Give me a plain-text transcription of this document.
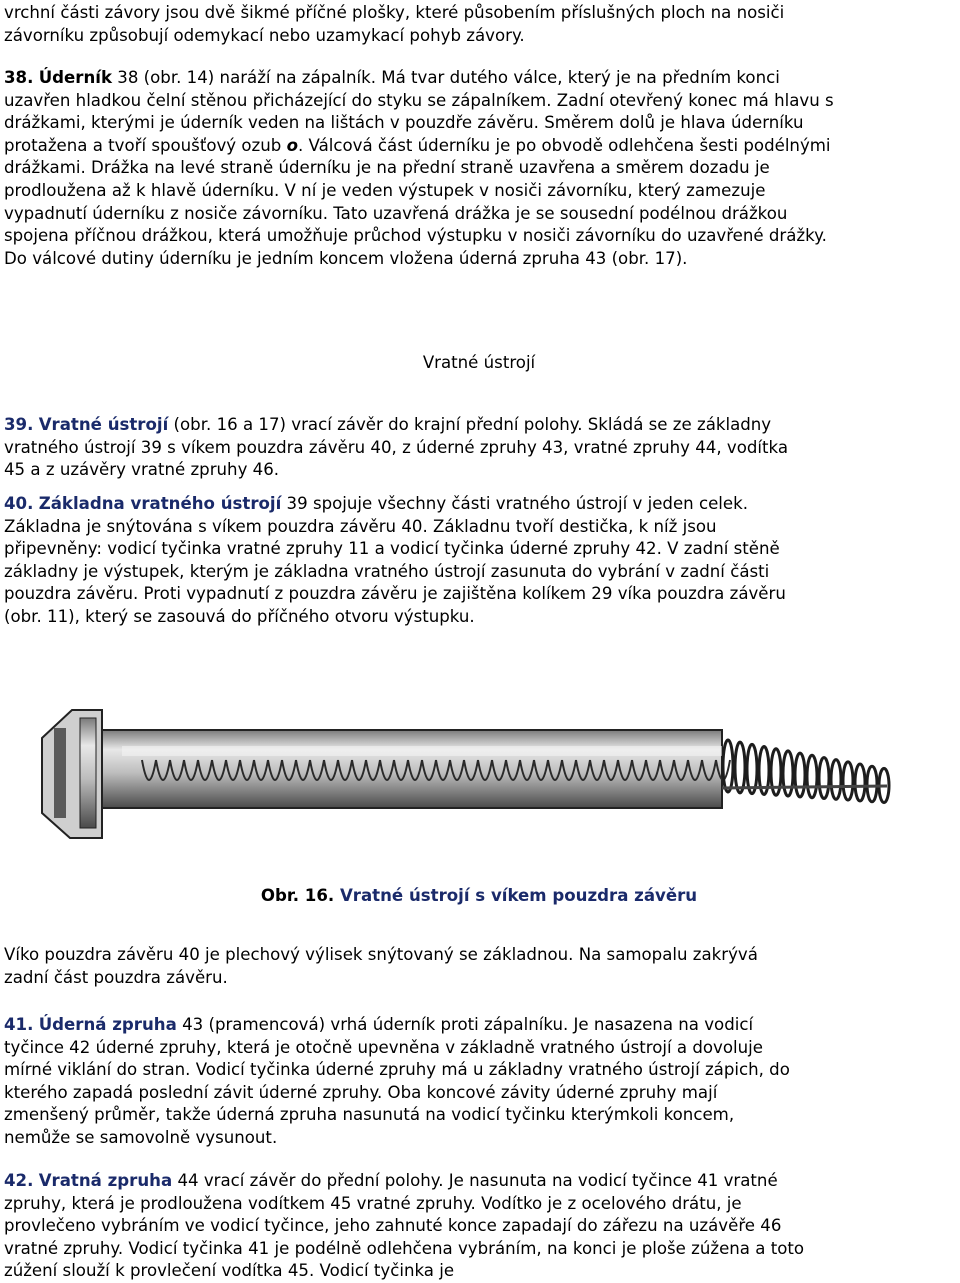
vrchní části závory jsou dvě šikmé příčné plošky, které působením příslušných ploch na nosiči závorníku způsobují odemykací nebo uzamykací pohyb závory.

38. Úderník 38 (obr. 14) naráží na zápalník. Má tvar dutého válce, který je na předním konci uzavřen hladkou čelní stěnou přicházející do styku se zápalníkem. Zadní otevřený konec má hlavu s drážkami, kterými je úderník veden na lištách v pouzdře závěru. Směrem dolů je hlava úderníku protažena a tvoří spoušťový ozub o. Válcová část úderníku je po obvodě odlehčena šesti podélnými drážkami. Drážka na levé straně úderníku je na přední straně uzavřena a směrem dozadu je prodloužena až k hlavě úderníku. V ní je veden výstupek v nosiči závorníku, který zamezuje vypadnutí úderníku z nosiče závorníku. Tato uzavřená drážka je se sousední podélnou drážkou spojena příčnou drážkou, která umožňuje průchod výstupku v nosiči závorníku do uzavřené drážky. Do válcové dutiny úderníku je jedním koncem vložena úderná zpruha 43 (obr. 17).

Vratné ústrojí

39. Vratné ústrojí (obr. 16 a 17) vrací závěr do krajní přední polohy. Skládá se ze základny vratného ústrojí 39 s víkem pouzdra závěru 40, z úderné zpruhy 43, vratné zpruhy 44, vodítka 45 a z uzávěry vratné zpruhy 46.

40. Základna vratného ústrojí 39 spojuje všechny části vratného ústrojí v jeden celek. Základna je snýtována s víkem pouzdra závěru 40. Základnu tvoří destička, k níž jsou připevněny: vodicí tyčinka vratné zpruhy 11 a vodicí tyčinka úderné zpruhy 42. V zadní stěně základny je výstupek, kterým je základna vratného ústrojí zasunuta do vybrání v zadní části pouzdra závěru. Proti vypadnutí z pouzdra závěru je zajištěna kolíkem 29 víka pouzdra závěru (obr. 11), který se zasouvá do příčného otvoru výstupku.

Obr. 16. Vratné ústrojí s víkem pouzdra závěru

Víko pouzdra závěru 40 je plechový výlisek snýtovaný se základnou. Na samopalu zakrývá zadní část pouzdra závěru.

41. Úderná zpruha 43 (pramencová) vrhá úderník proti zápalníku. Je nasazena na vodicí tyčince 42 úderné zpruhy, která je otočně upevněna v základně vratného ústrojí a dovoluje mírné viklání do stran. Vodicí tyčinka úderné zpruhy má u základny vratného ústrojí zápich, do kterého zapadá poslední závit úderné zpruhy. Oba koncové závity úderné zpruhy mají zmenšený průměr, takže úderná zpruha nasunutá na vodicí tyčinku kterýmkoli koncem, nemůže se samovolně vysunout.

42. Vratná zpruha 44 vrací závěr do přední polohy. Je nasunuta na vodicí tyčince 41 vratné zpruhy, která je prodloužena vodítkem 45 vratné zpruhy. Vodítko je z ocelového drátu, je provlečeno vybráním ve vodicí tyčince, jeho zahnuté konce zapadají do zářezu na uzávěře 46 vratné zpruhy. Vodicí tyčinka 41 je podélně odlehčena vybráním, na konci je ploše zúžena a toto zúžení slouží k provlečení vodítka 45. Vodicí tyčinka je
